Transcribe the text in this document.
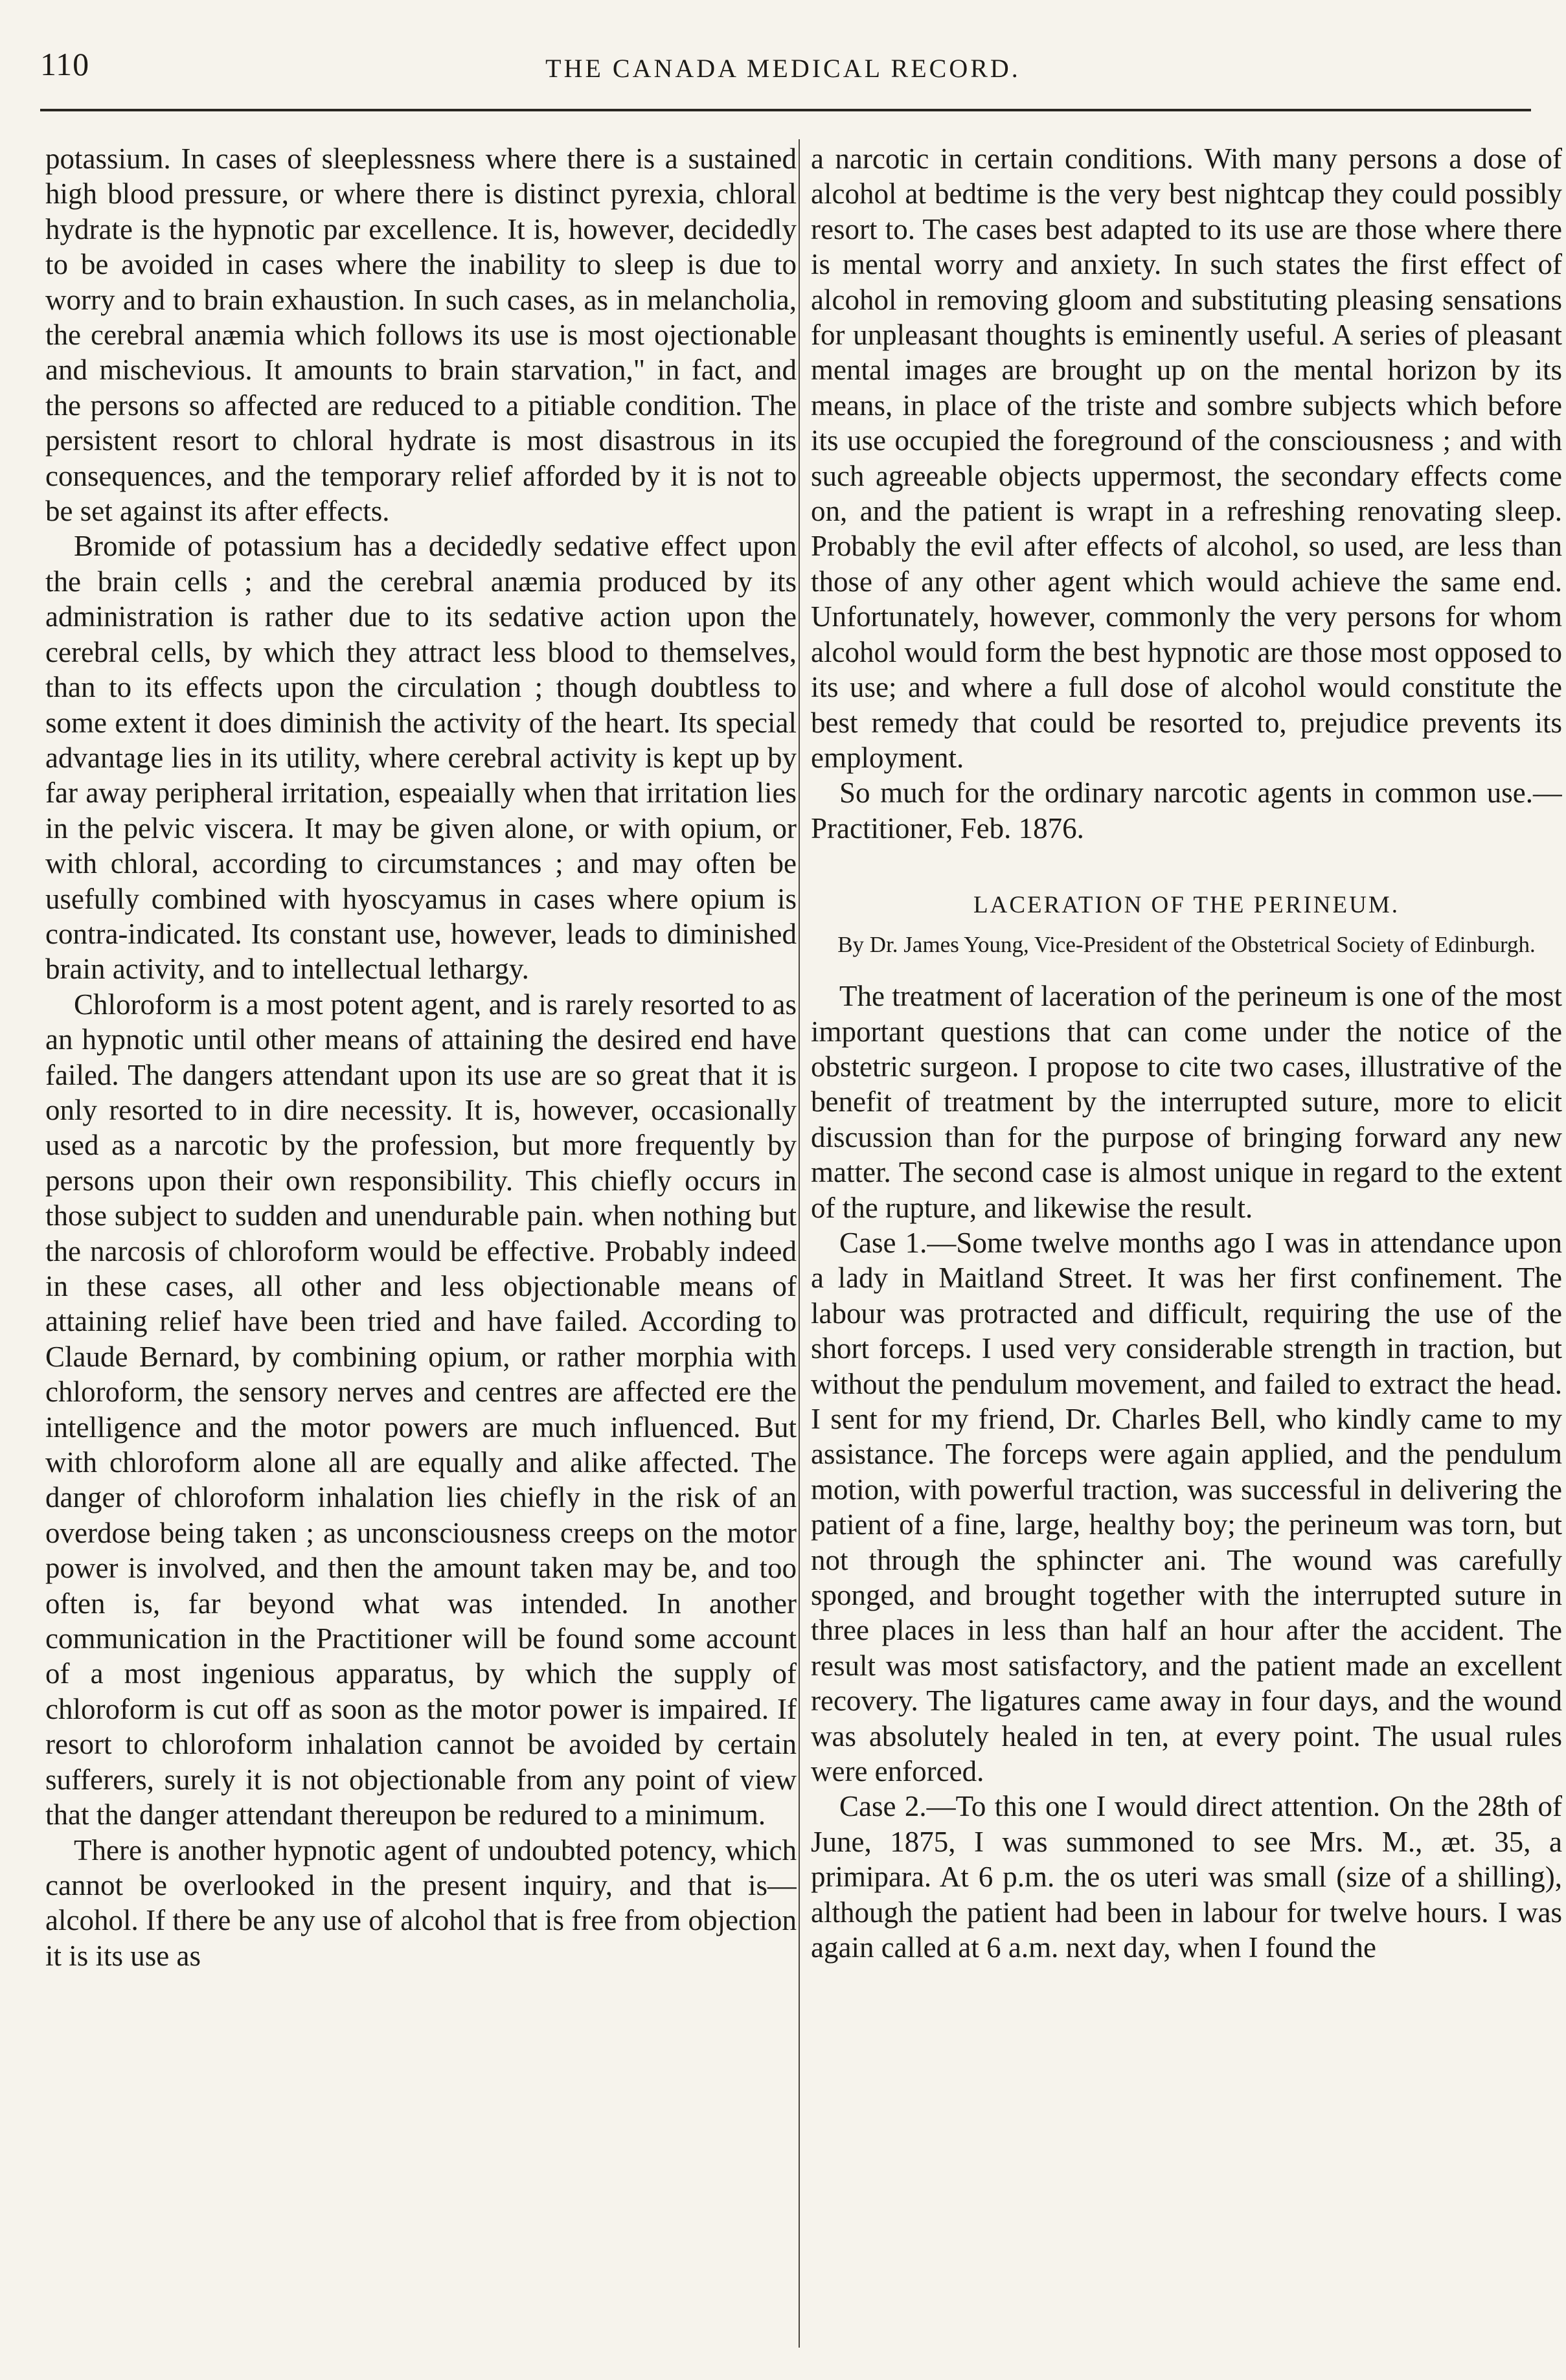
110	THE CANADA MEDICAL RECORD.

potassium. In cases of sleeplessness where there is a sustained high blood pressure, or where there is distinct pyrexia, chloral hydrate is the hypnotic par excellence. It is, however, decidedly to be avoided in cases where the inability to sleep is due to worry and to brain exhaustion. In such cases, as in melancholia, the cerebral anæmia which follows its use is most ojectionable and mischevious. It amounts to brain starvation," in fact, and the persons so affected are reduced to a pitiable condition. The persistent resort to chloral hydrate is most disastrous in its consequences, and the temporary relief afforded by it is not to be set against its after effects.

Bromide of potassium has a decidedly sedative effect upon the brain cells ; and the cerebral anæmia produced by its administration is rather due to its sedative action upon the cerebral cells, by which they attract less blood to themselves, than to its effects upon the circulation ; though doubtless to some extent it does diminish the activity of the heart. Its special advantage lies in its utility, where cerebral activity is kept up by far away peripheral irritation, espeaially when that irritation lies in the pelvic viscera. It may be given alone, or with opium, or with chloral, according to circumstances ; and may often be usefully combined with hyoscyamus in cases where opium is contra-indicated. Its constant use, however, leads to diminished brain activity, and to intellectual lethargy.

Chloroform is a most potent agent, and is rarely resorted to as an hypnotic until other means of attaining the desired end have failed. The dangers attendant upon its use are so great that it is only resorted to in dire necessity. It is, however, occasionally used as a narcotic by the profession, but more frequently by persons upon their own responsibility. This chiefly occurs in those subject to sudden and unendurable pain. when nothing but the narcosis of chloroform would be effective. Probably indeed in these cases, all other and less objectionable means of attaining relief have been tried and have failed. According to Claude Bernard, by combining opium, or rather morphia with chloroform, the sensory nerves and centres are affected ere the intelligence and the motor powers are much influenced. But with chloroform alone all are equally and alike affected. The danger of chloroform inhalation lies chiefly in the risk of an overdose being taken ; as unconsciousness creeps on the motor power is involved, and then the amount taken may be, and too often is, far beyond what was intended. In another communication in the Practitioner will be found some account of a most ingenious apparatus, by which the supply of chloroform is cut off as soon as the motor power is impaired. If resort to chloroform inhalation cannot be avoided by certain sufferers, surely it is not objectionable from any point of view that the danger attendant thereupon be redured to a minimum.

There is another hypnotic agent of undoubted potency, which cannot be overlooked in the present inquiry, and that is—alcohol. If there be any use of alcohol that is free from objection it is its use as

a narcotic in certain conditions. With many persons a dose of alcohol at bedtime is the very best nightcap they could possibly resort to. The cases best adapted to its use are those where there is mental worry and anxiety. In such states the first effect of alcohol in removing gloom and substituting pleasing sensations for unpleasant thoughts is eminently useful. A series of pleasant mental images are brought up on the mental horizon by its means, in place of the triste and sombre subjects which before its use occupied the foreground of the consciousness ; and with such agreeable objects uppermost, the secondary effects come on, and the patient is wrapt in a refreshing renovating sleep. Probably the evil after effects of alcohol, so used, are less than those of any other agent which would achieve the same end. Unfortunately, however, commonly the very persons for whom alcohol would form the best hypnotic are those most opposed to its use; and where a full dose of alcohol would constitute the best remedy that could be resorted to, prejudice prevents its employment.

So much for the ordinary narcotic agents in common use.—Practitioner, Feb. 1876.

LACERATION OF THE PERINEUM.
By Dr. James Young, Vice-President of the Obstetrical Society of Edinburgh.

The treatment of laceration of the perineum is one of the most important questions that can come under the notice of the obstetric surgeon. I propose to cite two cases, illustrative of the benefit of treatment by the interrupted suture, more to elicit discussion than for the purpose of bringing forward any new matter. The second case is almost unique in regard to the extent of the rupture, and likewise the result.

Case 1.—Some twelve months ago I was in attendance upon a lady in Maitland Street. It was her first confinement. The labour was protracted and difficult, requiring the use of the short forceps. I used very considerable strength in traction, but without the pendulum movement, and failed to extract the head. I sent for my friend, Dr. Charles Bell, who kindly came to my assistance. The forceps were again applied, and the pendulum motion, with powerful traction, was successful in delivering the patient of a fine, large, healthy boy; the perineum was torn, but not through the sphincter ani. The wound was carefully sponged, and brought together with the interrupted suture in three places in less than half an hour after the accident. The result was most satisfactory, and the patient made an excellent recovery. The ligatures came away in four days, and the wound was absolutely healed in ten, at every point. The usual rules were enforced.

Case 2.—To this one I would direct attention. On the 28th of June, 1875, I was summoned to see Mrs. M., æt. 35, a primipara. At 6 p.m. the os uteri was small (size of a shilling), although the patient had been in labour for twelve hours. I was again called at 6 a.m. next day, when I found the
